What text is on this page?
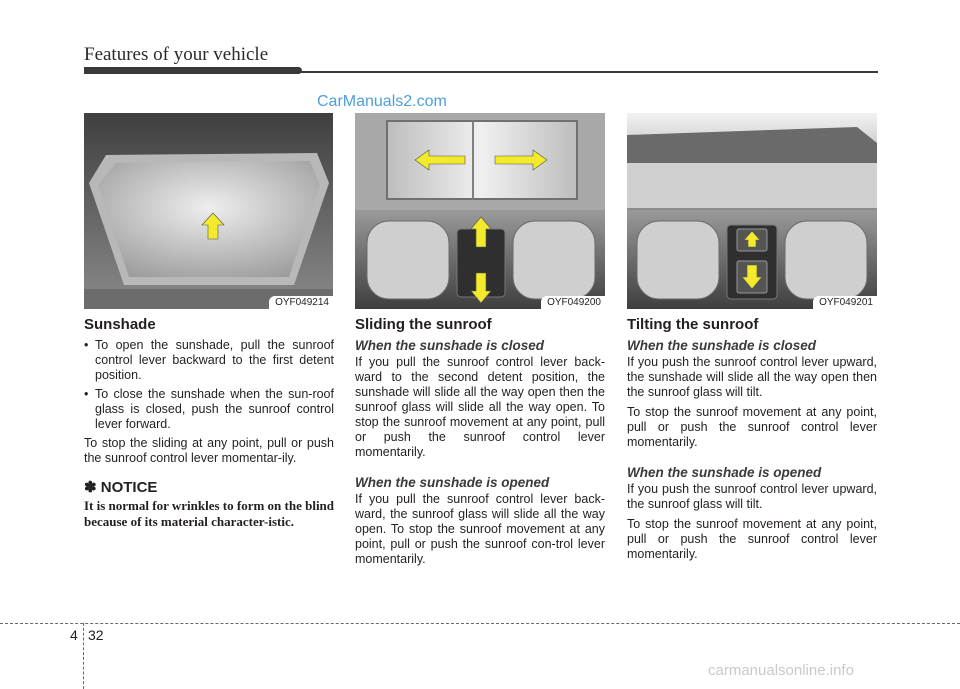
Features of your vehicle
CarManuals2.com
OYF049214	OYF049200	OYF049201
Sunshade
• To open the sunshade, pull the sunroof control lever backward to the first detent position.
• To close the sunshade when the sun-roof glass is closed, push the sunroof control lever forward.

To stop the sliding at any point, pull or push the sunroof control lever momentar-ily.

✽ NOTICE

It is normal for wrinkles to form on the blind because of its material character-istic.

Sliding the sunroof
When the sunshade is closed

If you pull the sunroof control lever back-ward to the second detent position, the sunshade will slide all the way open then the sunroof glass will slide all the way open. To stop the sunroof movement at any point, pull or push the sunroof control lever momentarily.

When the sunshade is opened

If you pull the sunroof control lever back-ward, the sunroof glass will slide all the way open. To stop the sunroof movement at any point, pull or push the sunroof con-trol lever momentarily.

Tilting the sunroof
When the sunshade is closed

If you push the sunroof control lever upward, the sunshade will slide all the way open then the sunroof glass will tilt.

To stop the sunroof movement at any point, pull or push the sunroof control lever momentarily.

When the sunshade is opened

If you push the sunroof control lever upward, the sunroof glass will tilt.

To stop the sunroof movement at any point, pull or push the sunroof control lever momentarily.

4 32
carmanualsonline.info
